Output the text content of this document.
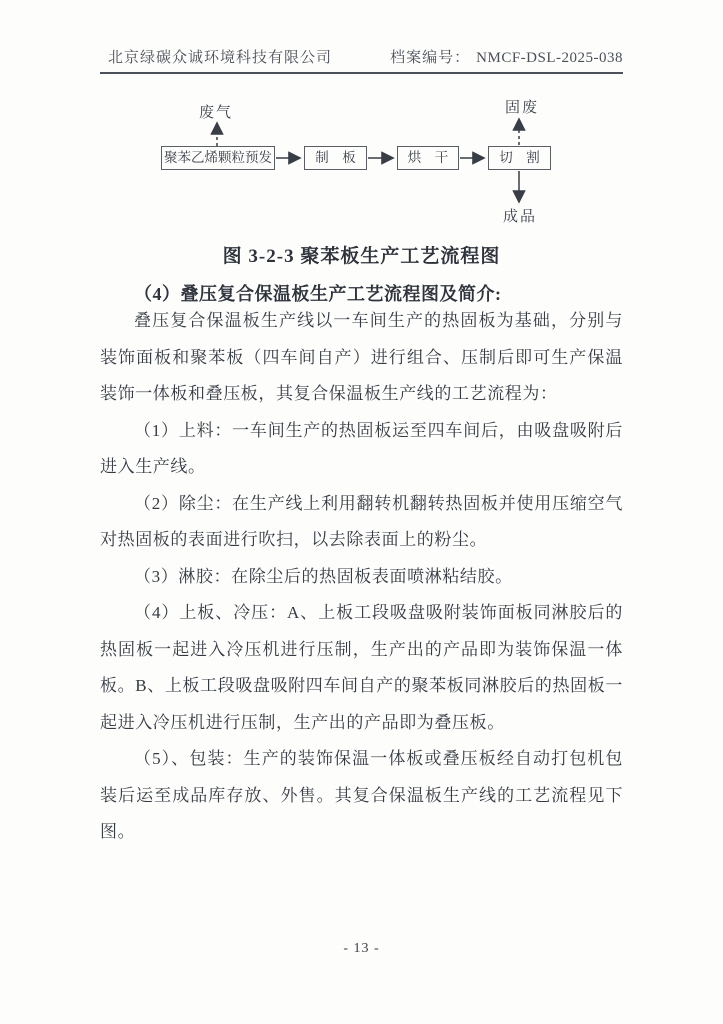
北京绿碳众诚环境科技有限公司	档案编号： NMCF-DSL-2025-038
废气	固废
聚苯乙烯颗粒预发	制　板	烘　干	切　割
成品
图 3-2-3 聚苯板生产工艺流程图
（4）叠压复合保温板生产工艺流程图及简介:

叠压复合保温板生产线以一车间生产的热固板为基础，分别与装饰面板和聚苯板（四车间自产）进行组合、压制后即可生产保温装饰一体板和叠压板，其复合保温板生产线的工艺流程为：

（1）上料：一车间生产的热固板运至四车间后，由吸盘吸附后进入生产线。

（2）除尘：在生产线上利用翻转机翻转热固板并使用压缩空气对热固板的表面进行吹扫，以去除表面上的粉尘。

（3）淋胶：在除尘后的热固板表面喷淋粘结胶。

（4）上板、冷压：A、上板工段吸盘吸附装饰面板同淋胶后的热固板一起进入冷压机进行压制，生产出的产品即为装饰保温一体板。B、上板工段吸盘吸附四车间自产的聚苯板同淋胶后的热固板一起进入冷压机进行压制，生产出的产品即为叠压板。

（5）、包装：生产的装饰保温一体板或叠压板经自动打包机包装后运至成品库存放、外售。其复合保温板生产线的工艺流程见下图。

- 13 -
